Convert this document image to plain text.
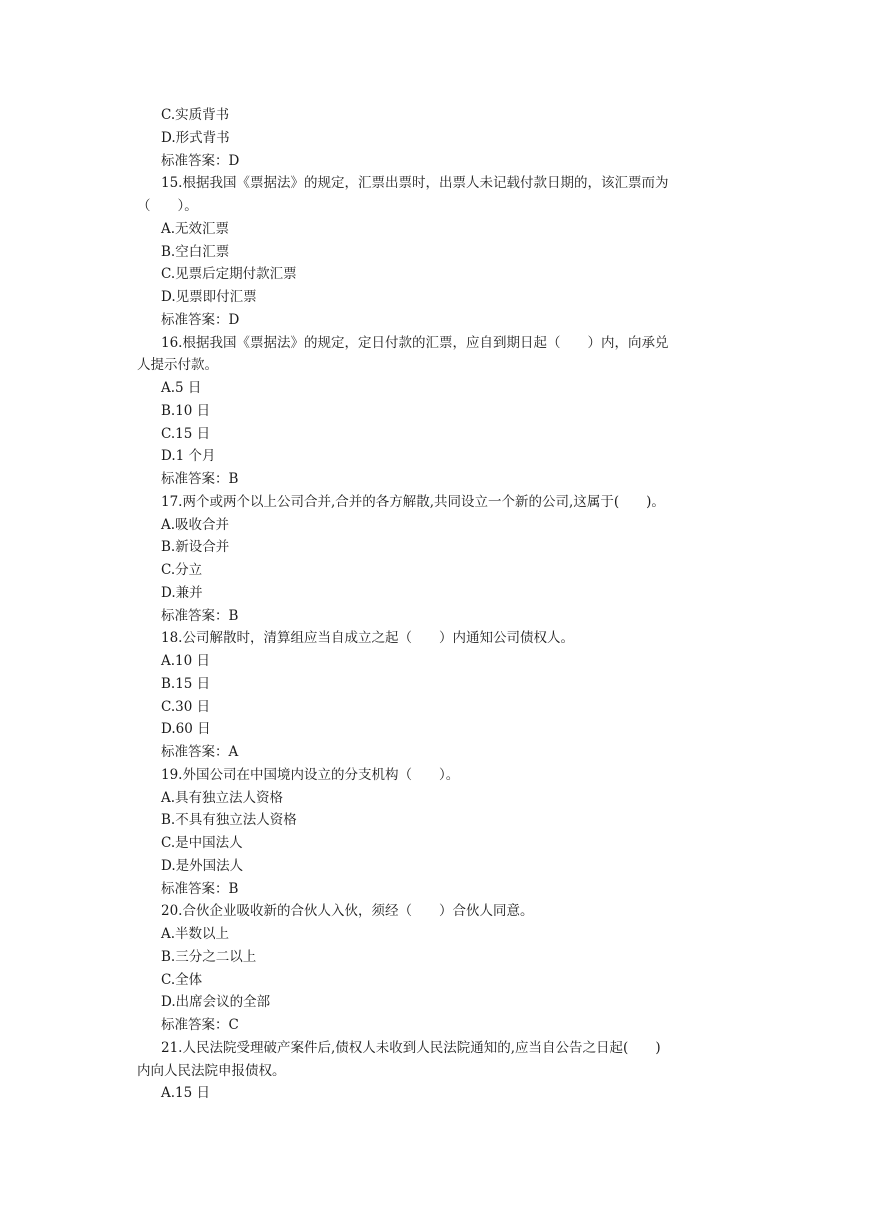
C.实质背书

D.形式背书

标准答案：D

15.根据我国《票据法》的规定，汇票出票时，出票人未记载付款日期的，该汇票而为

（　　）。

A.无效汇票

B.空白汇票

C.见票后定期付款汇票

D.见票即付汇票

标准答案：D

16.根据我国《票据法》的规定，定日付款的汇票，应自到期日起（　　）内，向承兑

人提示付款。

A.5 日

B.10 日

C.15 日

D.1 个月

标准答案：B

17.两个或两个以上公司合并,合并的各方解散,共同设立一个新的公司,这属于(　　)。

A.吸收合并

B.新设合并

C.分立

D.兼并

标准答案：B

18.公司解散时，清算组应当自成立之起（　　）内通知公司债权人。

A.10 日

B.15 日

C.30 日

D.60 日

标准答案：A

19.外国公司在中国境内设立的分支机构（　　）。

A.具有独立法人资格

B.不具有独立法人资格

C.是中国法人

D.是外国法人

标准答案：B

20.合伙企业吸收新的合伙人入伙，须经（　　）合伙人同意。

A.半数以上

B.三分之二以上

C.全体

D.出席会议的全部

标准答案：C

21.人民法院受理破产案件后,债权人未收到人民法院通知的,应当自公告之日起(　　)

内向人民法院申报债权。

A.15 日
